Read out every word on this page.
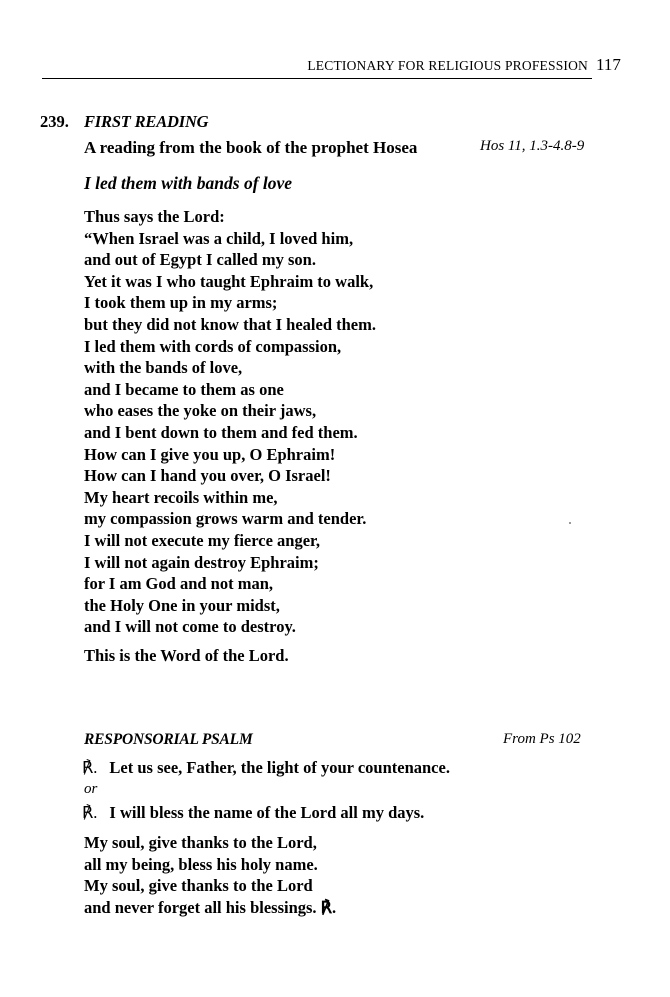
LECTIONARY FOR RELIGIOUS PROFESSION 117
239. FIRST READING
A reading from the book of the prophet Hosea	Hos 11, 1.3-4.8-9
I led them with bands of love
Thus says the Lord:
“When Israel was a child, I loved him,
and out of Egypt I called my son.
Yet it was I who taught Ephraim to walk,
I took them up in my arms;
but they did not know that I healed them.
I led them with cords of compassion,
with the bands of love,
and I became to them as one
who eases the yoke on their jaws,
and I bent down to them and fed them.
How can I give you up, O Ephraim!
How can I hand you over, O Israel!
My heart recoils within me,
my compassion grows warm and tender.
I will not execute my fierce anger,
I will not again destroy Ephraim;
for I am God and not man,
the Holy One in your midst,
and I will not come to destroy.
This is the Word of the Lord.
RESPONSORIAL PSALM	From Ps 102
℟. Let us see, Father, the light of your countenance.
or
℟. I will bless the name of the Lord all my days.
My soul, give thanks to the Lord,
all my being, bless his holy name.
My soul, give thanks to the Lord
and never forget all his blessings. ℟.
